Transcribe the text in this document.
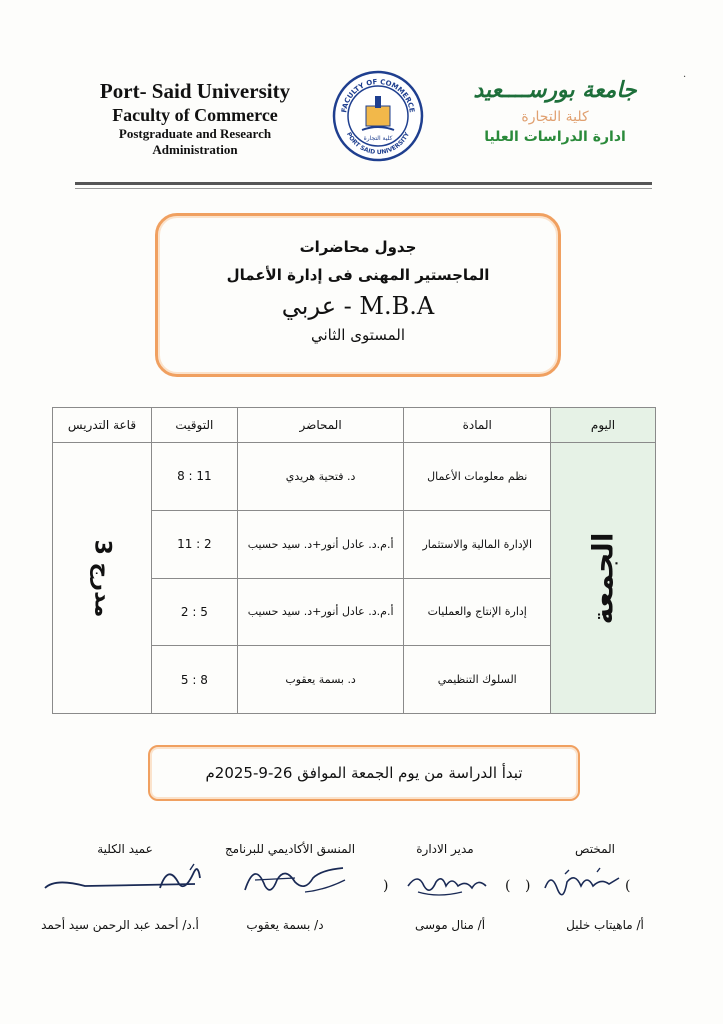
Port- Said University
Faculty of Commerce
Postgraduate and Research
Administration
FACULTY OF COMMERCE
PORT SAID UNIVERSITY
كلية التجارة
جامعة بورســــعيد
كلية التجارة
ادارة الدراسات العليا
·
جدول محاضرات
الماجستير المهنى فى إدارة الأعمال
M.B.A - عربي
المستوى الثاني
اليوم	المادة	المحاضر	التوقيت	قاعة التدريس
الجمعة	نظم معلومات الأعمال	د. فتحية هريدي	8 : 11	مدرج 3
	الإدارة المالية والاستثمار	أ.م.د. عادل أنور+د. سيد حسيب	11 : 2	
	إدارة الإنتاج والعمليات	أ.م.د. عادل أنور+د. سيد حسيب	2 : 5	
	السلوك التنظيمي	د. بسمة يعقوب	5 : 8	
تبدأ الدراسة من يوم الجمعة الموافق 26-9-2025م
المختص
مدير الادارة
المنسق الأكاديمي للبرنامج
عميد الكلية
(
)
(
)
أ/ ماهيتاب خليل
أ/ منال موسى
د/ بسمة يعقوب
أ.د/ أحمد عبد الرحمن سيد أحمد
